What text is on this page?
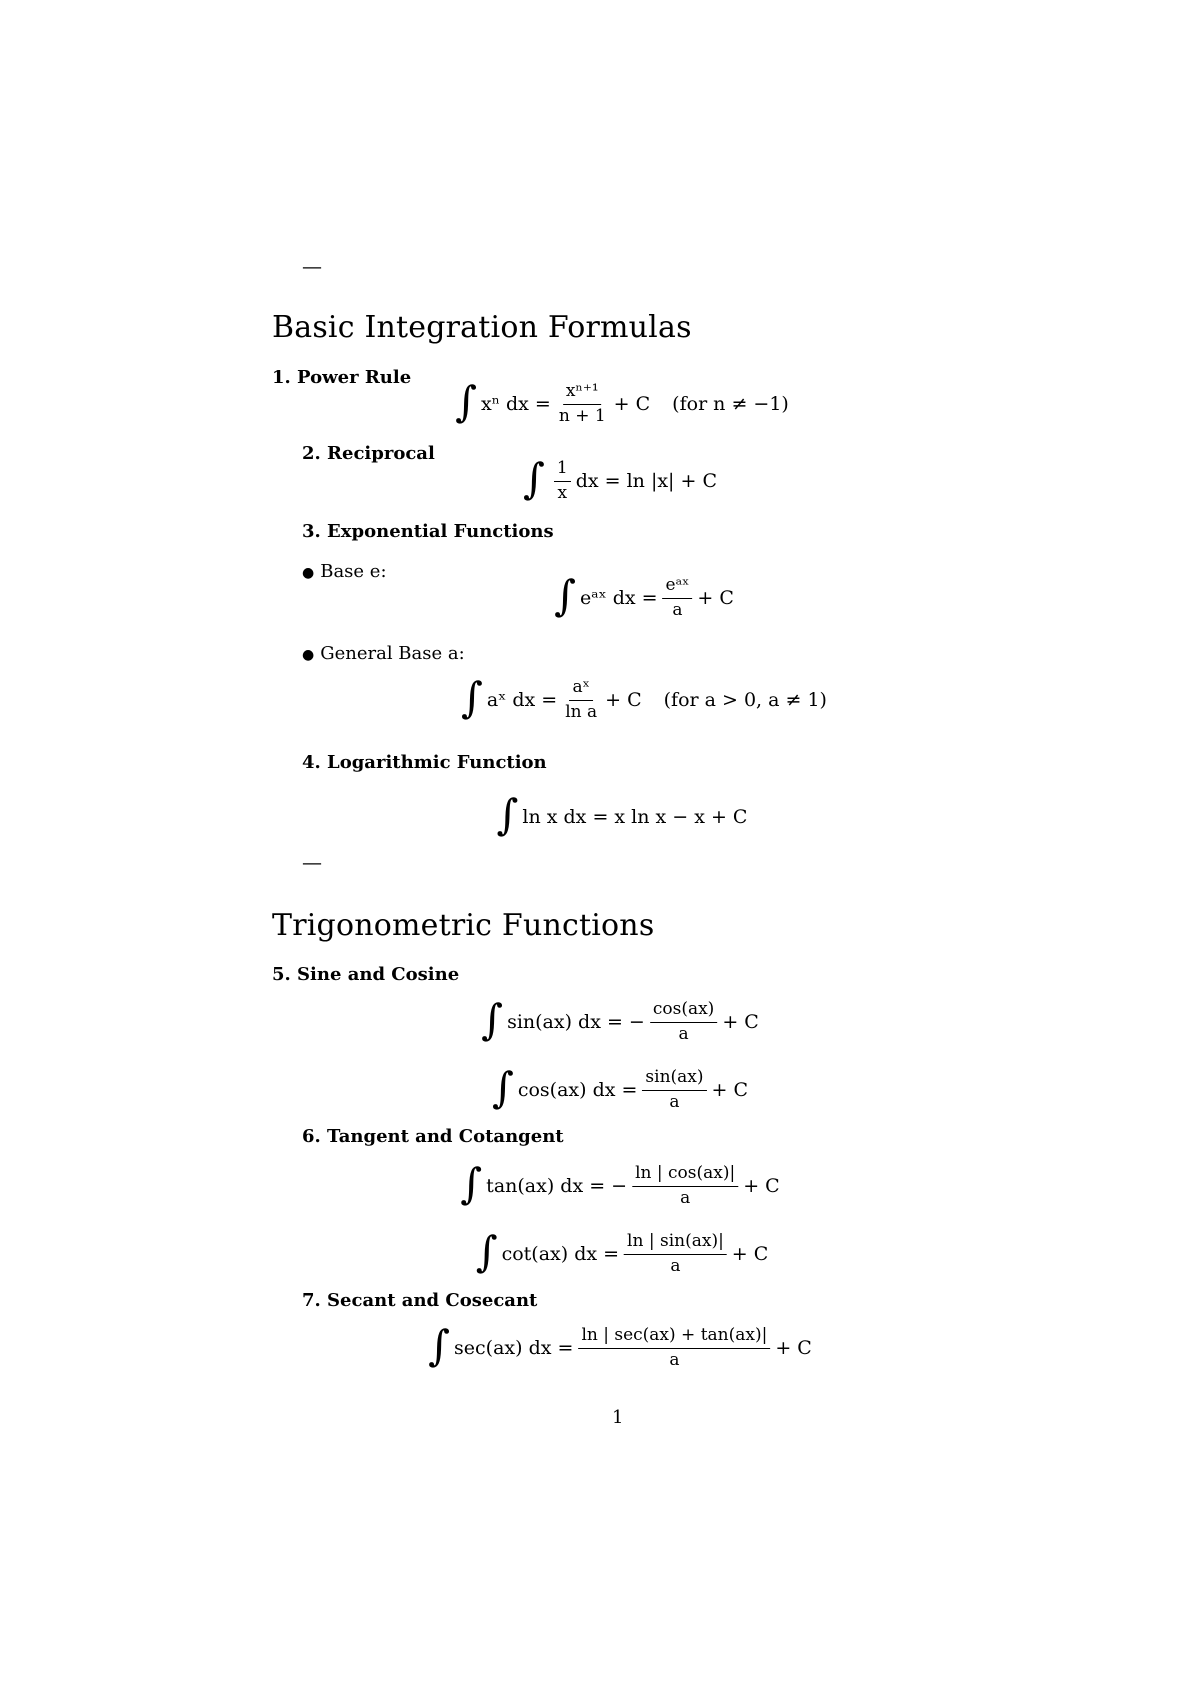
—
Basic Integration Formulas
1. Power Rule ∫ xⁿ dx = $\frac{\text{xⁿ⁺¹}}{n + 1} + C$ (for n ≠ −1)
2. Reciprocal
∫ $\frac{1}{x}$ dx = ln |x| + C
3. Exponential Functions
● Base e:	∫ eᵃˣ dx = $\frac{\text{eᵃˣ}}{a} + C$
● General Base a:
∫ aˣ dx = $\frac{\text{aˣ}}{\text{ln a}} + C$ (for a > 0, a ≠ 1)
4. Logarithmic Function
∫ ln x dx = x ln x − x + C
—
Trigonometric Functions
5. Sine and Cosine
∫ sin(ax) dx = − $\frac{\cos(ax)}{a} + C$
∫ cos(ax) dx = $\frac{\sin(ax)}{a} + C$
6. Tangent and Cotangent
∫ tan(ax) dx = − $\frac{\ln | \cos(ax)|}{a} + C$
∫ cot(ax) dx = $\frac{\ln | \sin(ax)|}{a} + C$
7. Secant and Cosecant
∫ sec(ax) dx = $\frac{\ln | \sec(ax) + \tan(ax)|}{a} + C$
1
